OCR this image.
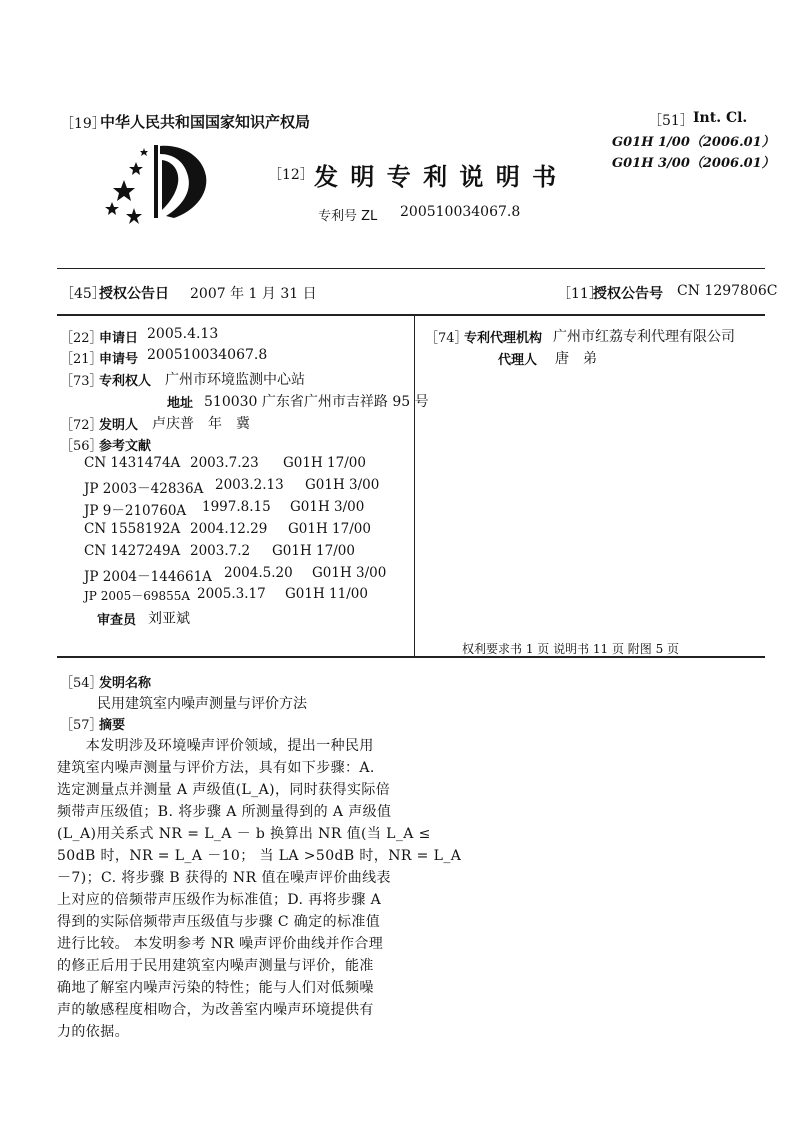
［19］
中华人民共和国国家知识产权局
［12］ 发 明 专 利 说 明 书
专利号 ZL 200510034067.8
［51］ Int. Cl.
G01H 1/00（2006.01）
G01H 3/00（2006.01）
［45］
授权公告日 2007 年 1 月 31 日	［11］
授权公告号 CN 1297806C
［22］
申请日 2005.4.13
［21］
申请号 200510034067.8
［73］
专利权人 广州市环境监测中心站
地址 510030 广东省广州市吉祥路 95 号
［72］
发明人 卢庆普　年　冀
［56］
参考文献
CN 1431474A 2003.7.23 G01H 17/00
JP 2003－42836A 2003.2.13 G01H 3/00
JP 9－210760A 1997.8.15 G01H 3/00
CN 1558192A 2004.12.29 G01H 17/00
CN 1427249A 2003.7.2 G01H 17/00
JP 2004－144661A 2004.5.20 G01H 3/00
JP 2005－69855A 2005.3.17 G01H 11/00
审查员 刘亚斌
［74］
专利代理机构 广州市红荔专利代理有限公司
代理人 唐　弟
权利要求书 1 页 说明书 11 页 附图 5 页
［54］
发明名称
民用建筑室内噪声测量与评价方法
［57］
摘要
　　本发明涉及环境噪声评价领域，提出一种民用
建筑室内噪声测量与评价方法，具有如下步骤：A.
选定测量点并测量 A 声级值(L_A)，同时获得实际倍
频带声压级值；B. 将步骤 A 所测量得到的 A 声级值
(L_A)用关系式 NR = L_A － b 换算出 NR 值(当 L_A ≤
50dB 时，NR = L_A －10； 当 LA >50dB 时，NR = L_A
－7)；C. 将步骤 B 获得的 NR 值在噪声评价曲线表
上对应的倍频带声压级作为标准值；D. 再将步骤 A
得到的实际倍频带声压级值与步骤 C 确定的标准值
进行比较。 本发明参考 NR 噪声评价曲线并作合理
的修正后用于民用建筑室内噪声测量与评价，能准
确地了解室内噪声污染的特性；能与人们对低频噪
声的敏感程度相吻合，为改善室内噪声环境提供有
力的依据。
